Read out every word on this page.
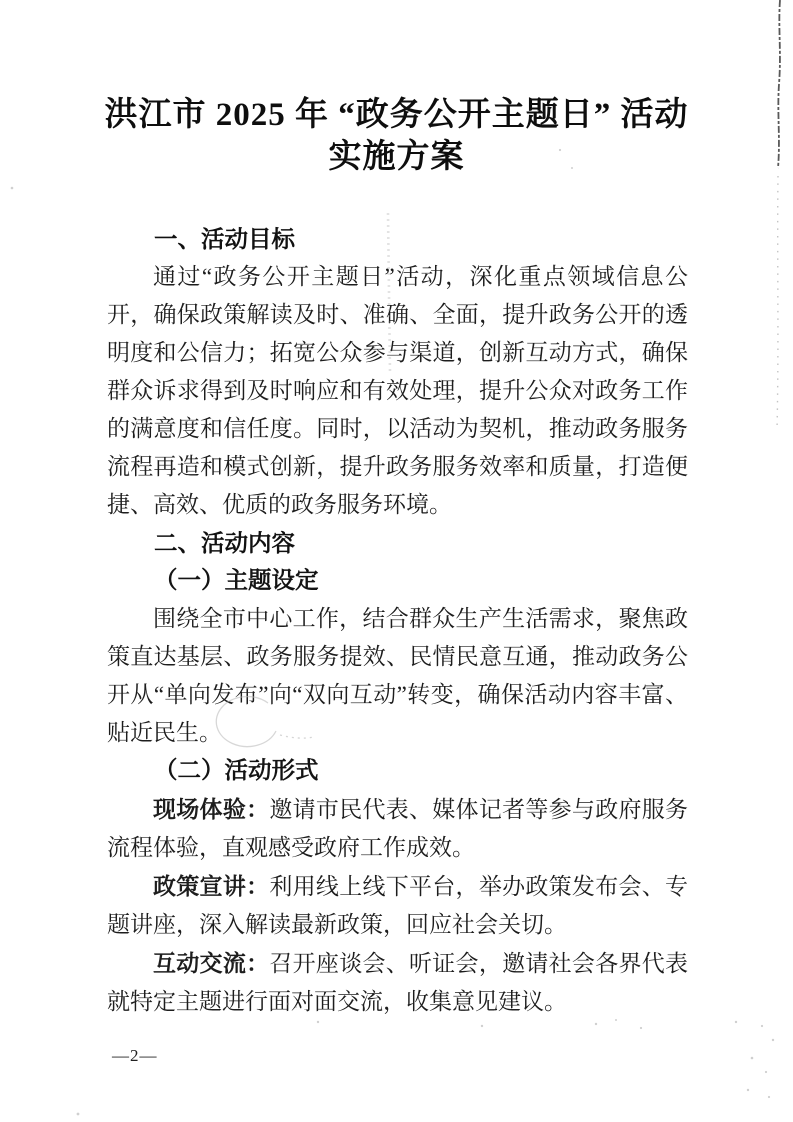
洪江市 2025 年 “政务公开主题日” 活动
实施方案
一、活动目标

通过“政务公开主题日”活动，深化重点领域信息公开，确保政策解读及时、准确、全面，提升政务公开的透明度和公信力；拓宽公众参与渠道，创新互动方式，确保群众诉求得到及时响应和有效处理，提升公众对政务工作的满意度和信任度。同时，以活动为契机，推动政务服务流程再造和模式创新，提升政务服务效率和质量，打造便捷、高效、优质的政务服务环境。

二、活动内容
（一）主题设定

围绕全市中心工作，结合群众生产生活需求，聚焦政策直达基层、政务服务提效、民情民意互通，推动政务公开从“单向发布”向“双向互动”转变，确保活动内容丰富、贴近民生。

（二）活动形式

现场体验：邀请市民代表、媒体记者等参与政府服务流程体验，直观感受政府工作成效。

政策宣讲：利用线上线下平台，举办政策发布会、专题讲座，深入解读最新政策，回应社会关切。

互动交流：召开座谈会、听证会，邀请社会各界代表就特定主题进行面对面交流，收集意见建议。

—2—
